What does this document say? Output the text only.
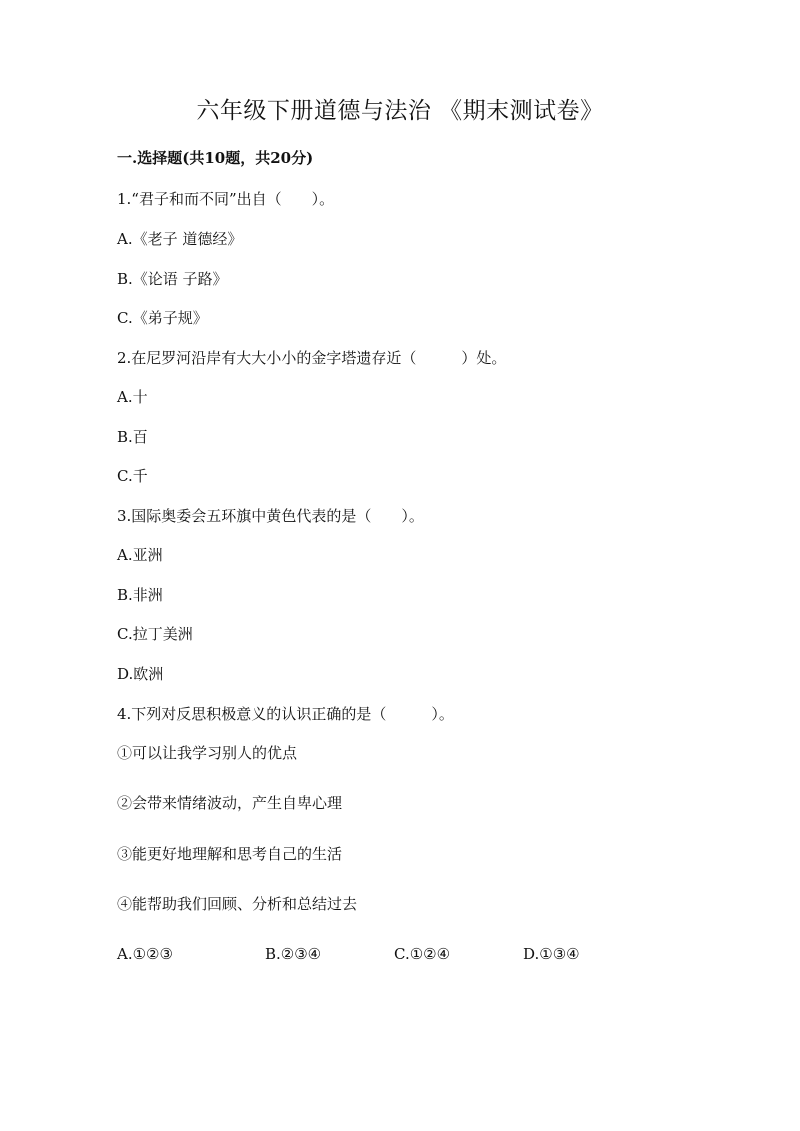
六年级下册道德与法治 《期末测试卷》
一.选择题(共10题，共20分)
1.“君子和而不同”出自（　　）。
A.《老子 道德经》
B.《论语 子路》
C.《弟子规》
2.在尼罗河沿岸有大大小小的金字塔遗存近（　　　）处。
A.十
B.百
C.千
3.国际奥委会五环旗中黄色代表的是（　　）。
A.亚洲
B.非洲
C.拉丁美洲
D.欧洲
4.下列对反思积极意义的认识正确的是（　　　）。
①可以让我学习别人的优点
②会带来情绪波动，产生自卑心理
③能更好地理解和思考自己的生活
④能帮助我们回顾、分析和总结过去
A.①②③	B.②③④	C.①②④	D.①③④
